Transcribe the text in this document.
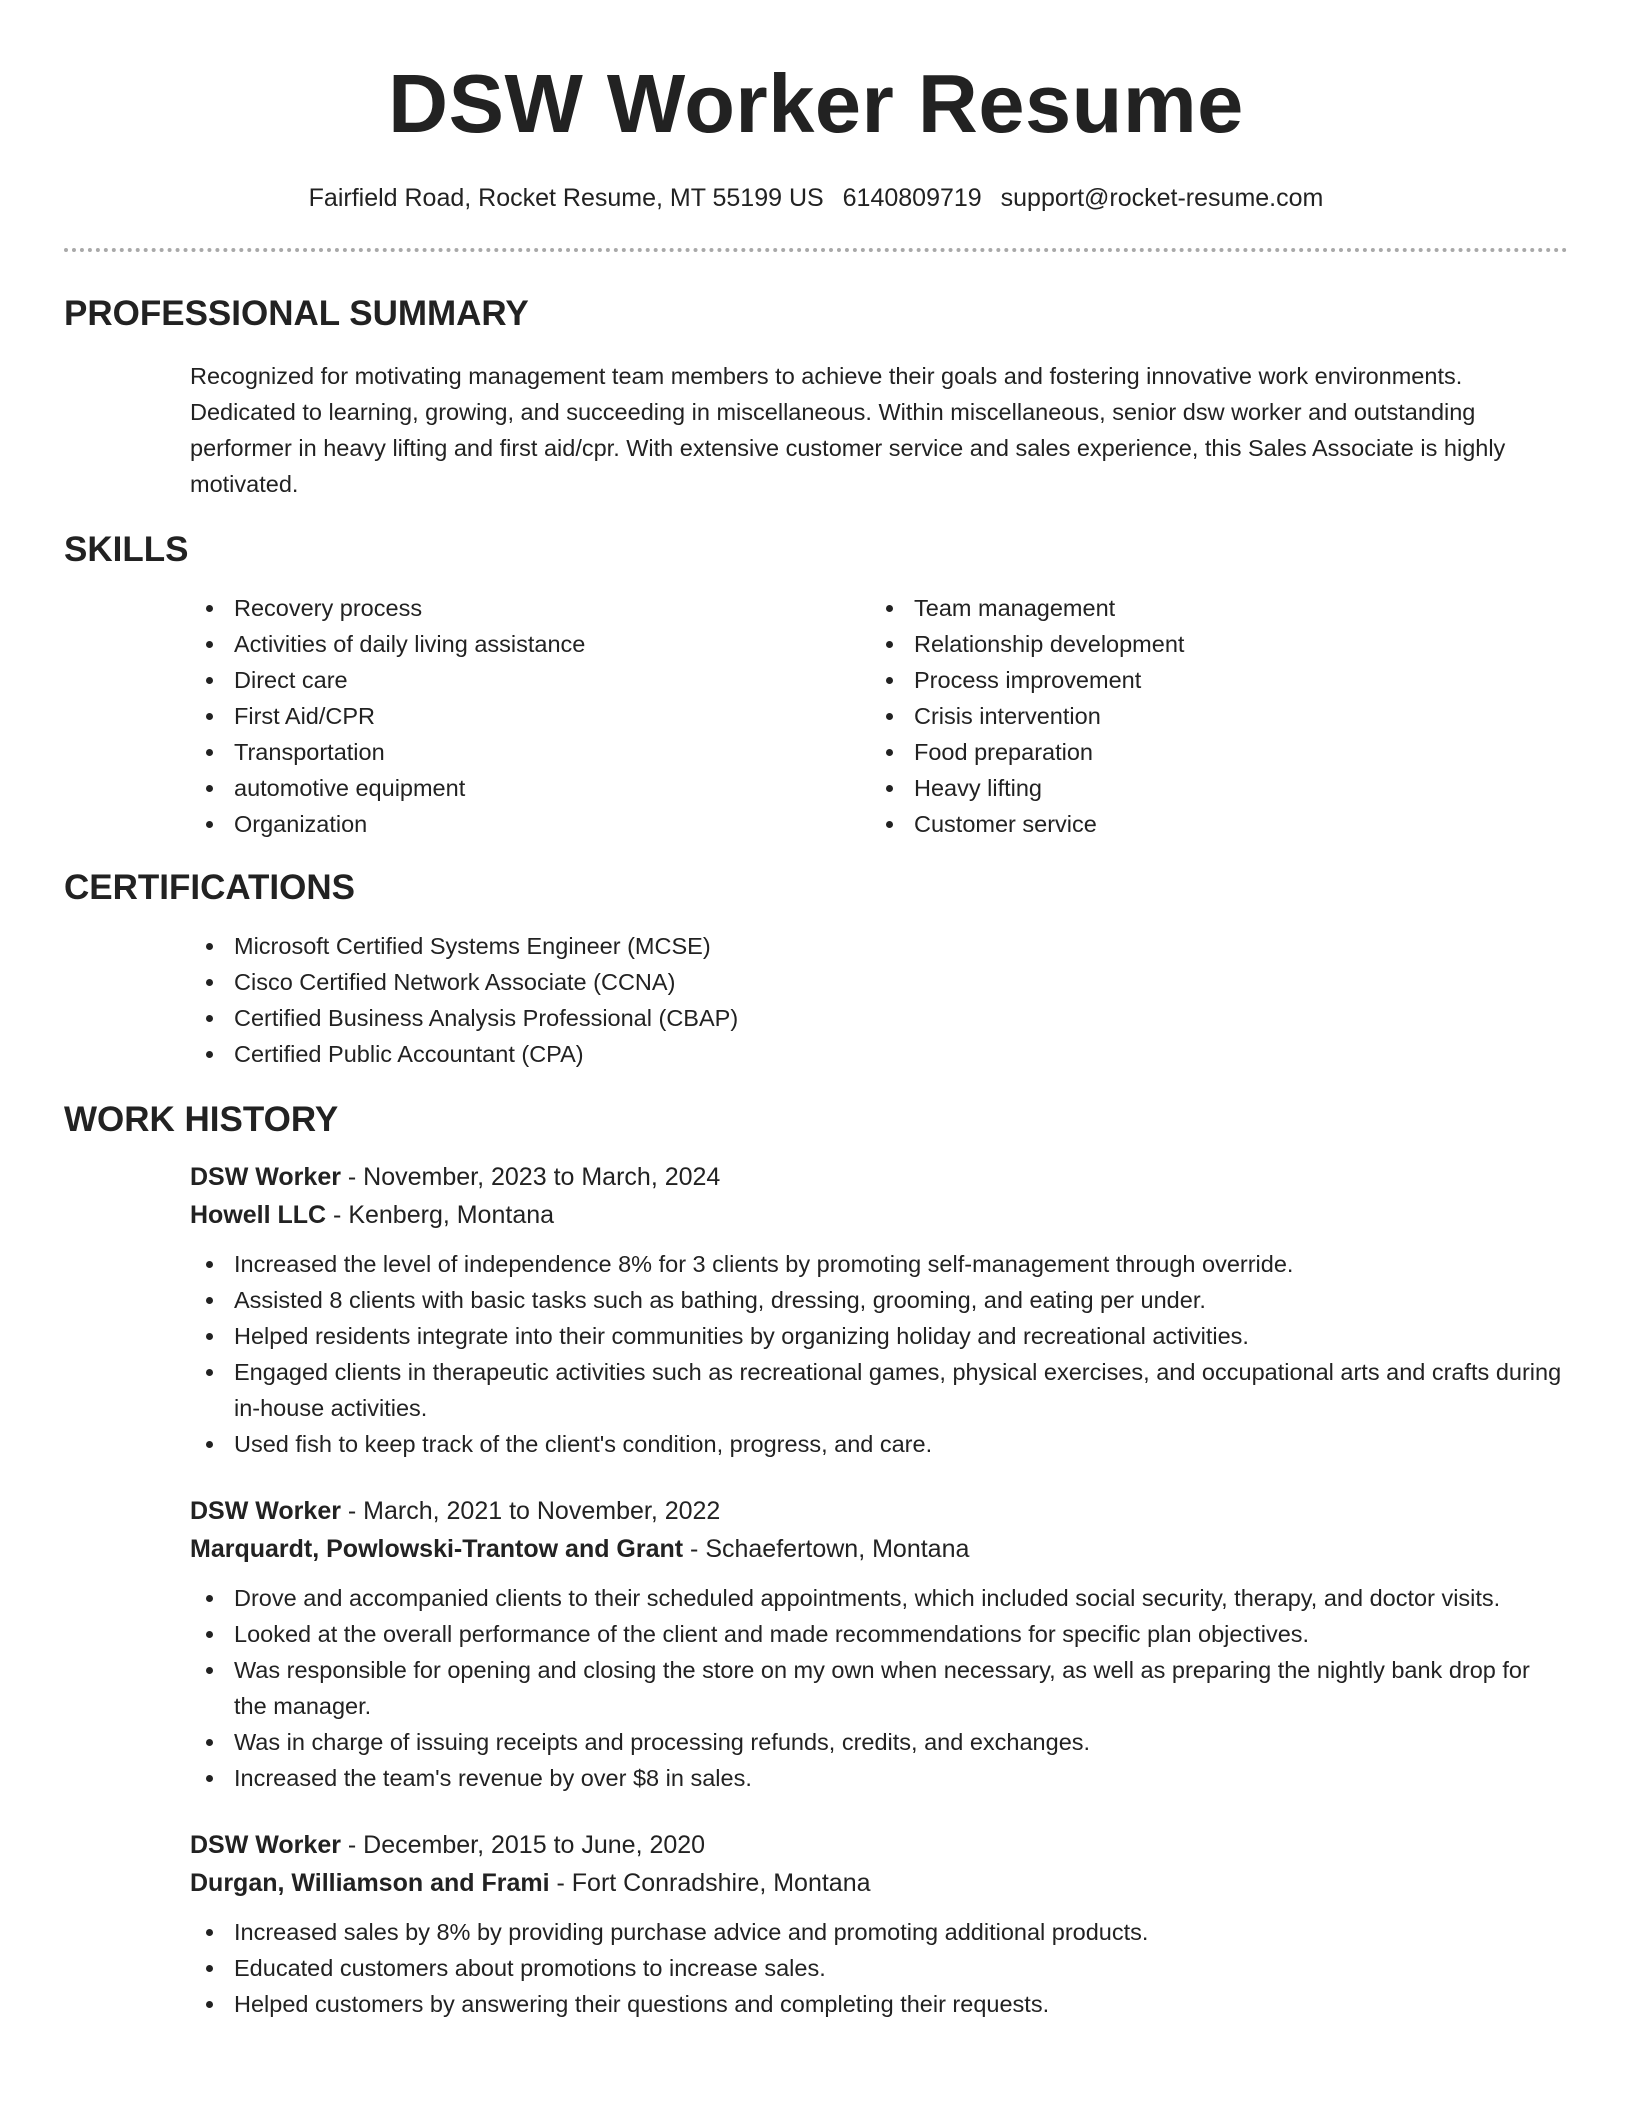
DSW Worker Resume
Fairfield Road, Rocket Resume, MT 55199 US 6140809719 support@rocket-resume.com
PROFESSIONAL SUMMARY

Recognized for motivating management team members to achieve their goals and fostering innovative work environments. Dedicated to learning, growing, and succeeding in miscellaneous. Within miscellaneous, senior dsw worker and outstanding performer in heavy lifting and first aid/cpr. With extensive customer service and sales experience, this Sales Associate is highly motivated.

SKILLS
Recovery process
Activities of daily living assistance
Direct care
First Aid/CPR
Transportation
automotive equipment
Organization
Team management
Relationship development
Process improvement
Crisis intervention
Food preparation
Heavy lifting
Customer service
CERTIFICATIONS
Microsoft Certified Systems Engineer (MCSE)
Cisco Certified Network Associate (CCNA)
Certified Business Analysis Professional (CBAP)
Certified Public Accountant (CPA)
WORK HISTORY
DSW Worker - November, 2023 to March, 2024
Howell LLC - Kenberg, Montana
Increased the level of independence 8% for 3 clients by promoting self-management through override.
Assisted 8 clients with basic tasks such as bathing, dressing, grooming, and eating per under.
Helped residents integrate into their communities by organizing holiday and recreational activities.
Engaged clients in therapeutic activities such as recreational games, physical exercises, and occupational arts and crafts during in-house activities.
Used fish to keep track of the client's condition, progress, and care.
DSW Worker - March, 2021 to November, 2022
Marquardt, Powlowski-Trantow and Grant - Schaefertown, Montana
Drove and accompanied clients to their scheduled appointments, which included social security, therapy, and doctor visits.
Looked at the overall performance of the client and made recommendations for specific plan objectives.
Was responsible for opening and closing the store on my own when necessary, as well as preparing the nightly bank drop for the manager.
Was in charge of issuing receipts and processing refunds, credits, and exchanges.
Increased the team's revenue by over $8 in sales.
DSW Worker - December, 2015 to June, 2020
Durgan, Williamson and Frami - Fort Conradshire, Montana
Increased sales by 8% by providing purchase advice and promoting additional products.
Educated customers about promotions to increase sales.
Helped customers by answering their questions and completing their requests.
